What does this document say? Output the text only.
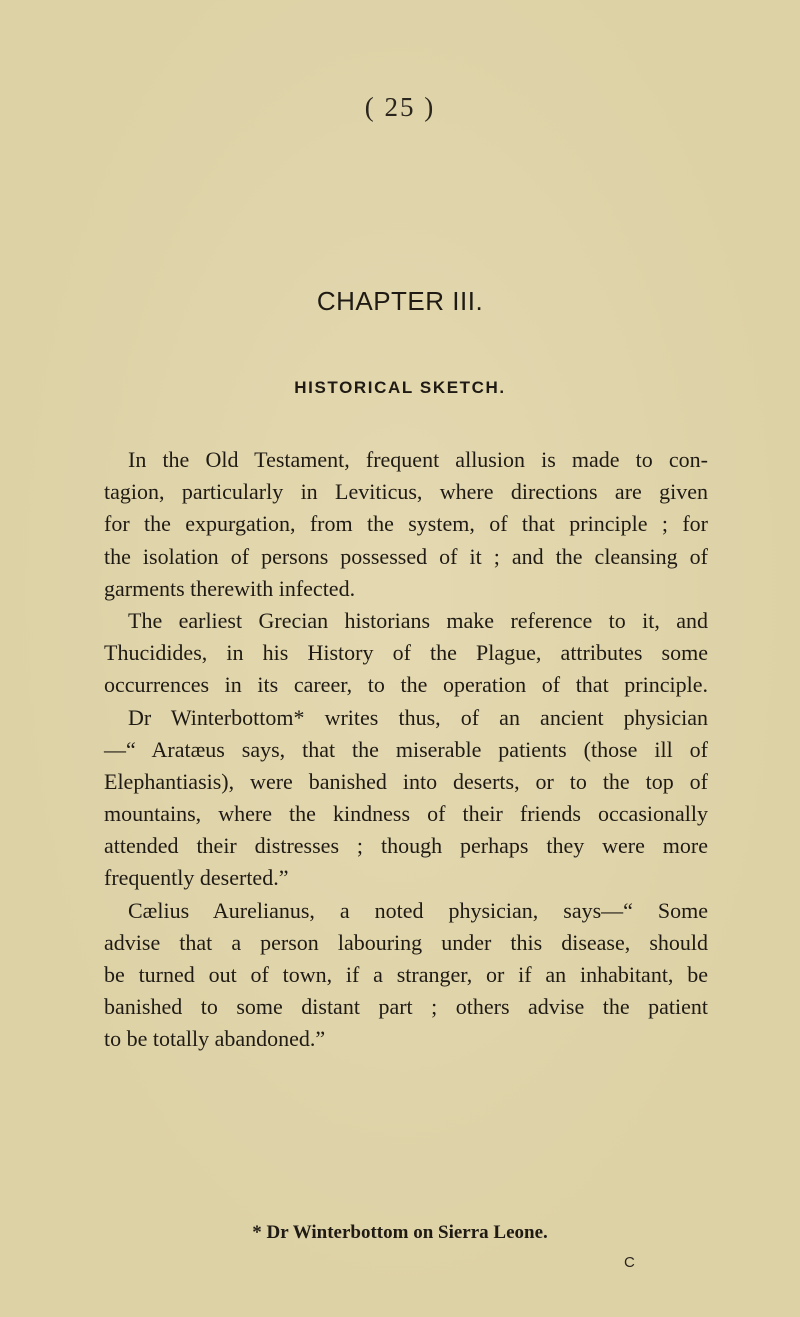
( 25 )
CHAPTER III.
HISTORICAL SKETCH.
In the Old Testament, frequent allusion is made to con-
tagion, particularly in Leviticus, where directions are given
for the expurgation, from the system, of that principle ; for
the isolation of persons possessed of it ; and the cleansing of
garments therewith infected.
The earliest Grecian historians make reference to it, and
Thucidides, in his History of the Plague, attributes some
occurrences in its career, to the operation of that principle.
Dr Winterbottom* writes thus, of an ancient physician
—“ Aratæus says, that the miserable patients (those ill of
Elephantiasis), were banished into deserts, or to the top of
mountains, where the kindness of their friends occasionally
attended their distresses ; though perhaps they were more
frequently deserted.”
Cælius Aurelianus, a noted physician, says—“ Some
advise that a person labouring under this disease, should
be turned out of town, if a stranger, or if an inhabitant, be
banished to some distant part ; others advise the patient
to be totally abandoned.”
* Dr Winterbottom on Sierra Leone.
C
